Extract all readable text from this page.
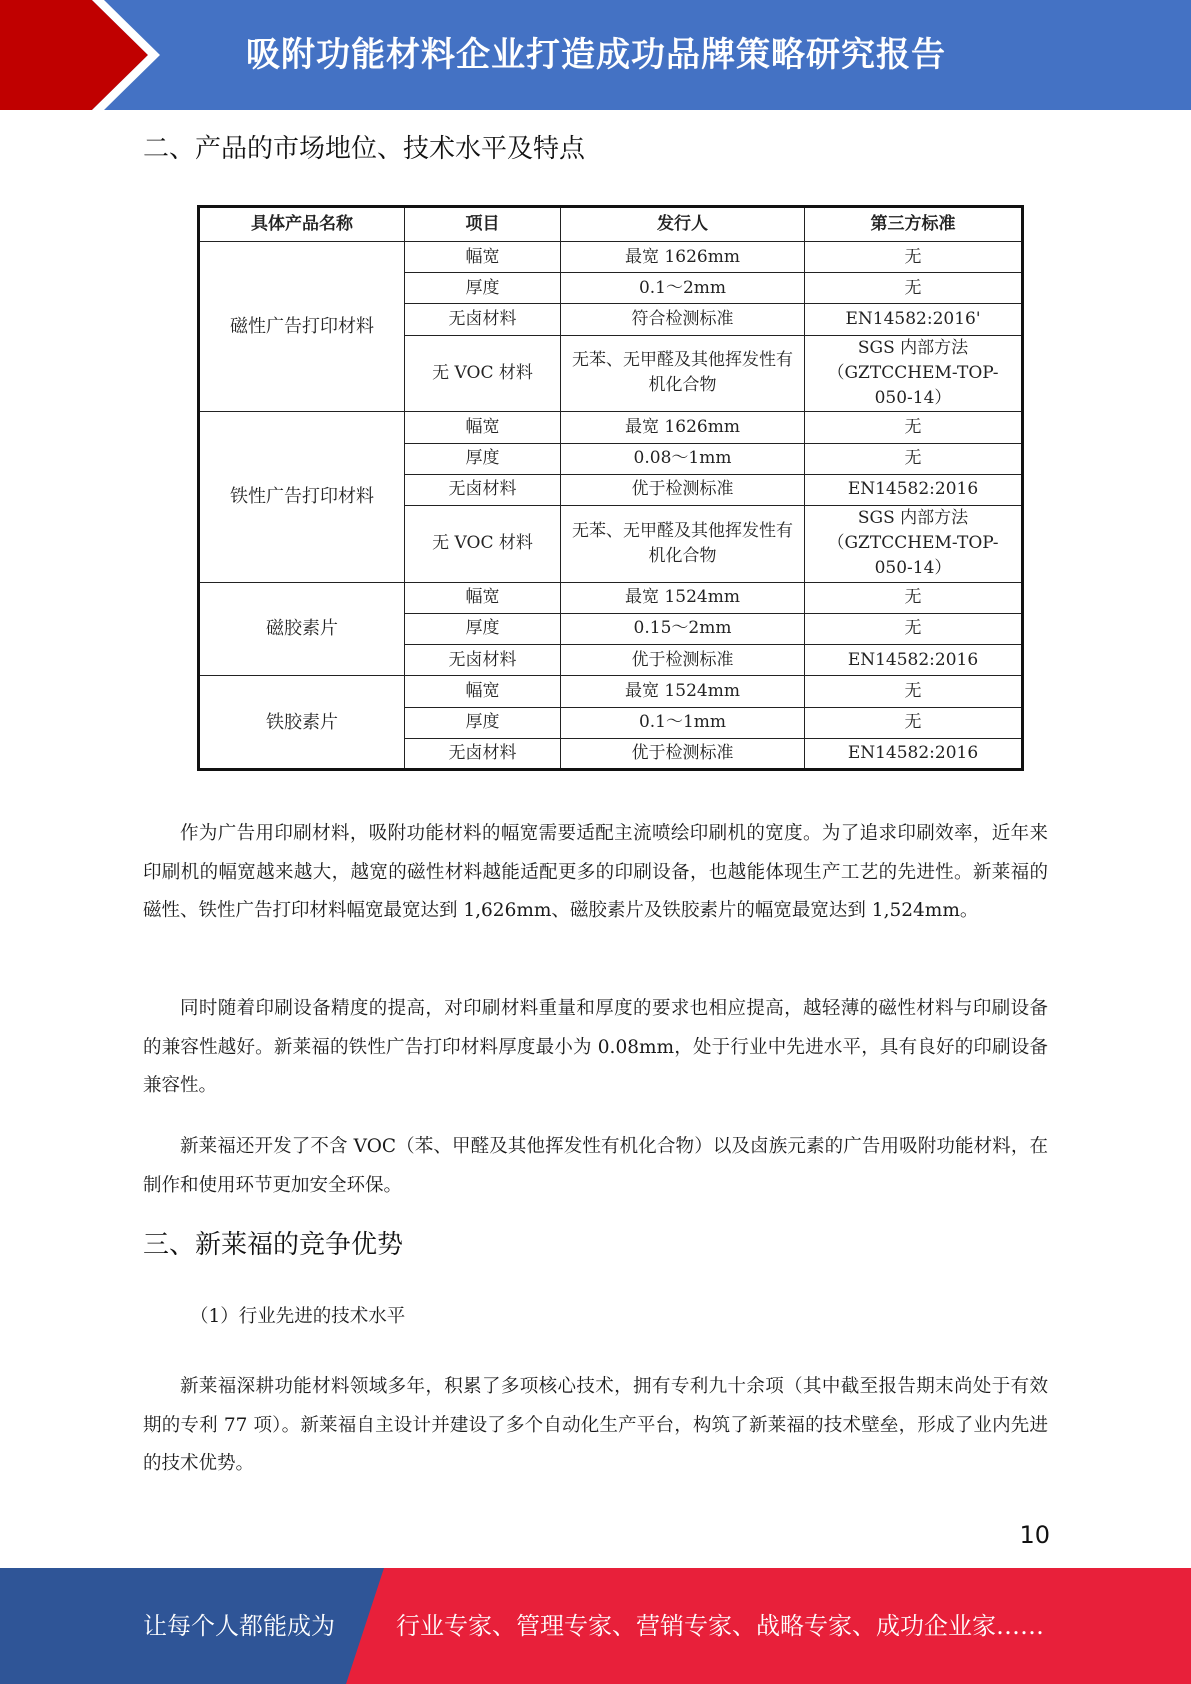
吸附功能材料企业打造成功品牌策略研究报告
二、产品的市场地位、技术水平及特点
具体产品名称	项目	发行人	第三方标准
磁性广告打印材料	幅宽	最宽 1626mm	无
	厚度	0.1～2mm	无
	无卤材料	符合检测标准	EN14582:2016'
	无 VOC 材料	无苯、无甲醛及其他挥发性有机化合物	SGS 内部方法（GZTCCHEM-TOP-050-14）
铁性广告打印材料	幅宽	最宽 1626mm	无
	厚度	0.08～1mm	无
	无卤材料	优于检测标准	EN14582:2016
	无 VOC 材料	无苯、无甲醛及其他挥发性有机化合物	SGS 内部方法（GZTCCHEM-TOP-050-14）
磁胶素片	幅宽	最宽 1524mm	无
	厚度	0.15～2mm	无
	无卤材料	优于检测标准	EN14582:2016
铁胶素片	幅宽	最宽 1524mm	无
	厚度	0.1～1mm	无
	无卤材料	优于检测标准	EN14582:2016

作为广告用印刷材料，吸附功能材料的幅宽需要适配主流喷绘印刷机的宽度。为了追求印刷效率，近年来印刷机的幅宽越来越大，越宽的磁性材料越能适配更多的印刷设备，也越能体现生产工艺的先进性。新莱福的磁性、铁性广告打印材料幅宽最宽达到 1,626mm、磁胶素片及铁胶素片的幅宽最宽达到 1,524mm。

同时随着印刷设备精度的提高，对印刷材料重量和厚度的要求也相应提高，越轻薄的磁性材料与印刷设备的兼容性越好。新莱福的铁性广告打印材料厚度最小为 0.08mm，处于行业中先进水平，具有良好的印刷设备兼容性。

新莱福还开发了不含 VOC（苯、甲醛及其他挥发性有机化合物）以及卤族元素的广告用吸附功能材料，在制作和使用环节更加安全环保。

三、新莱福的竞争优势

（1）行业先进的技术水平

新莱福深耕功能材料领域多年，积累了多项核心技术，拥有专利九十余项（其中截至报告期末尚处于有效期的专利 77 项）。新莱福自主设计并建设了多个自动化生产平台，构筑了新莱福的技术壁垒，形成了业内先进的技术优势。

10
让每个人都能成为	行业专家、管理专家、营销专家、战略专家、成功企业家……
